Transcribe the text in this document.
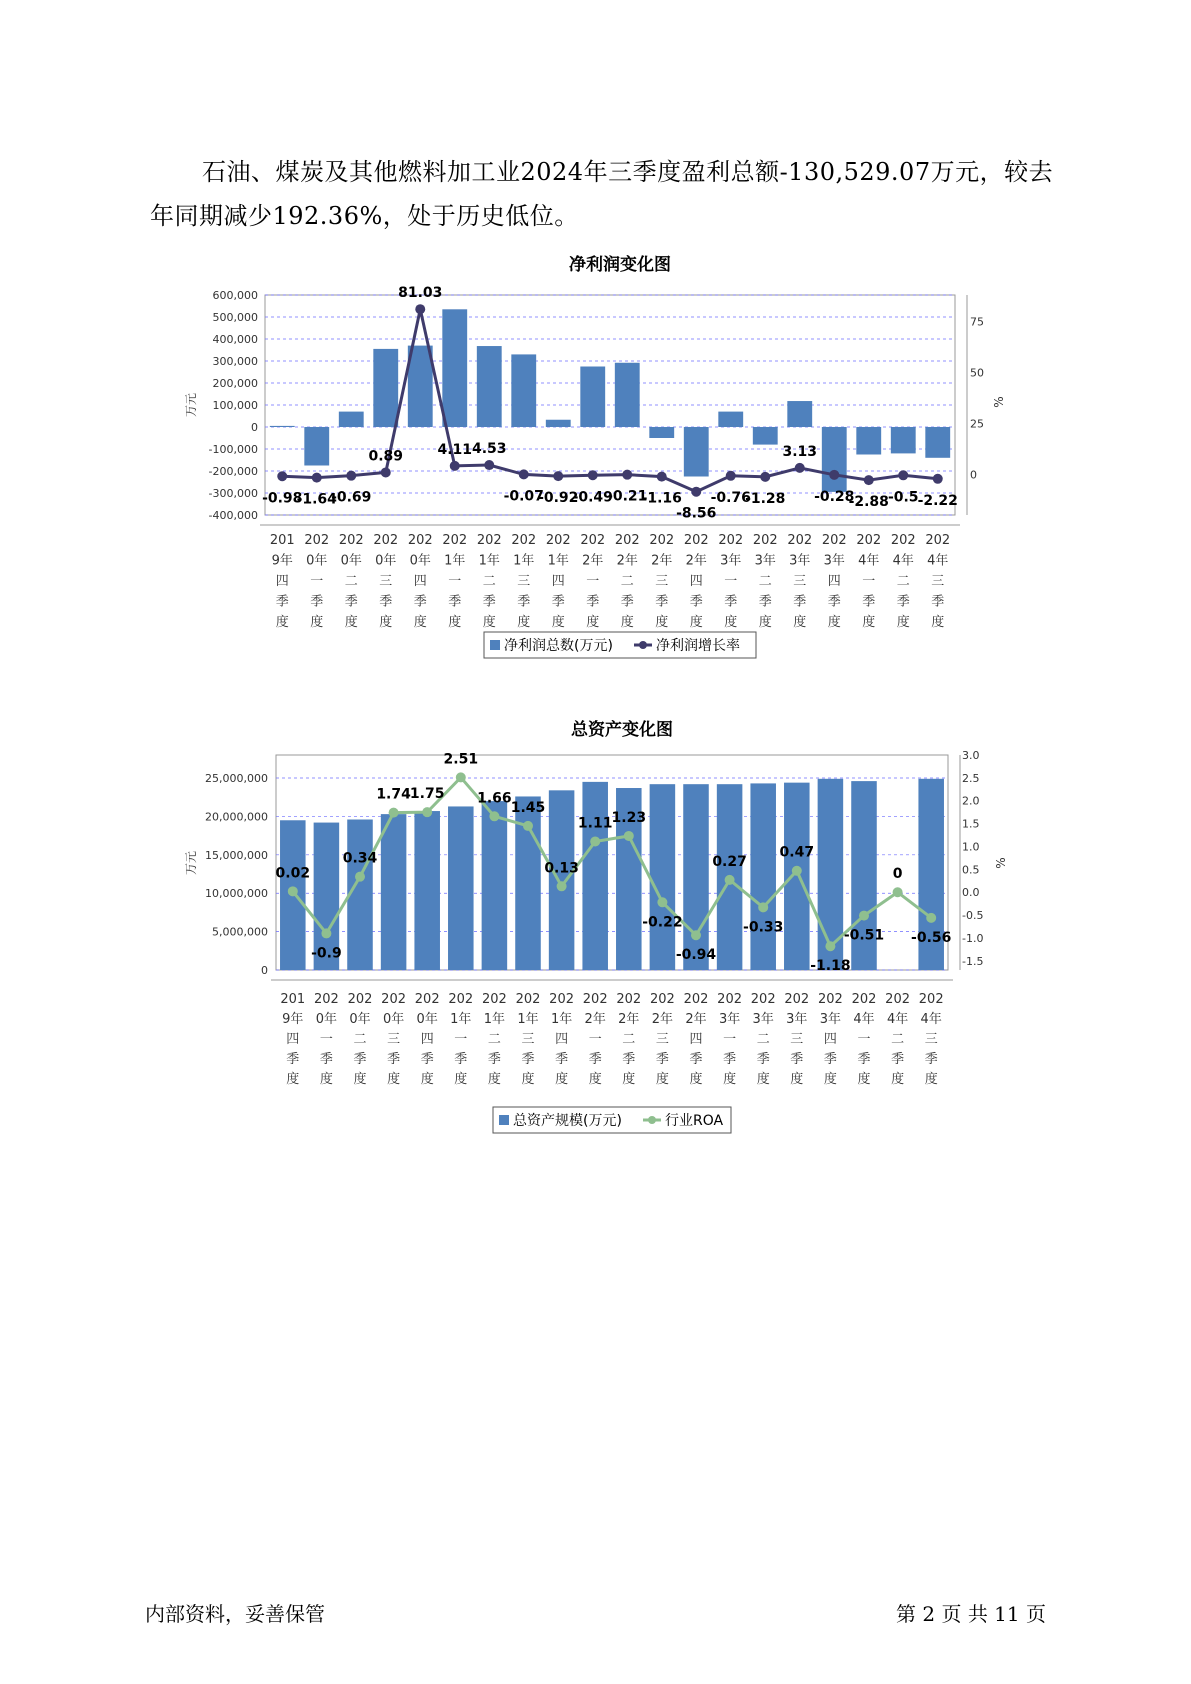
石油、煤炭及其他燃料加工业2024年三季度盈利总额-130,529.07万元，较去年同期减少192.36%，处于历史低位。

净利润变化图
600,000
500,000
400,000
300,000
200,000
100,000
0
-100,000
-200,000
-300,000
-400,000
75
50
25
0
万元	%
201
9年
四
季
度
202
0年
一
季
度
202
0年
二
季
度
202
0年
三
季
度
202
0年
四
季
度
202
1年
一
季
度
202
1年
二
季
度
202
1年
三
季
度
202
1年
四
季
度
202
2年
一
季
度
202
2年
二
季
度
202
2年
三
季
度
202
2年
四
季
度
202
3年
一
季
度
202
3年
二
季
度
202
3年
三
季
度
202
3年
四
季
度
202
4年
一
季
度
202
4年
二
季
度
202
4年
三
季
度
-0.98
-1.64
-0.69
0.89
81.03
4.11 4.53
-0.07
-0.92
-0.49
-0.21
-1.16
-8.56
-0.76
-1.28
3.13
-0.28
-2.88 -0.5 -2.22
净利润总数(万元)	净利润增长率
总资产变化图
25,000,000
20,000,000
15,000,000
10,000,000
5,000,000
0
3.0
2.5
2.0
1.5
1.0
0.5
0.0
-0.5
-1.0
-1.5
万元	%
201
9年
四
季
度
202
0年
一
季
度
202
0年
二
季
度
202
0年
三
季
度
202
0年
四
季
度
202
1年
一
季
度
202
1年
二
季
度
202
1年
三
季
度
202
1年
四
季
度
202
2年
一
季
度
202
2年
二
季
度
202
2年
三
季
度
202
2年
四
季
度
202
3年
一
季
度
202
3年
二
季
度
202
3年
三
季
度
202
3年
四
季
度
202
4年
一
季
度
202
4年
二
季
度
202
4年
三
季
度
0.02
-0.9
0.34
1.74 1.75
2.51
1.66
1.45
0.13
1.11 1.23
-0.22
-0.94
0.27
-0.33
0.47
-1.18
-0.51
0
-0.56
总资产规模(万元)	行业ROA
内部资料，妥善保管	第 2 页 共 11 页
